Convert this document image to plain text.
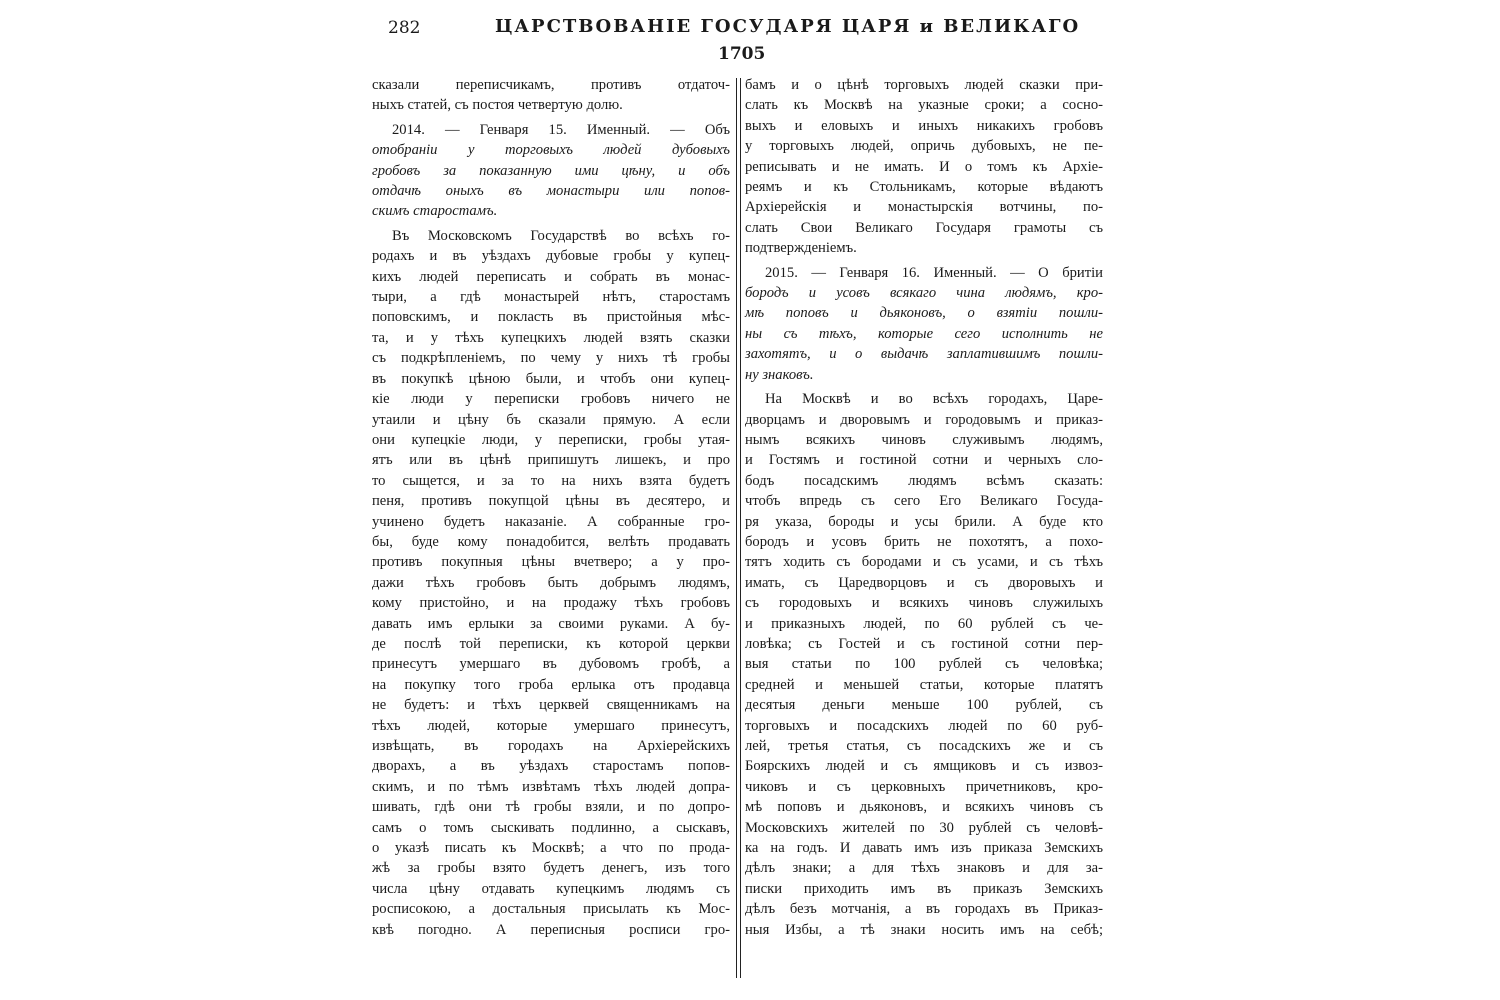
282	ЦАРСТВОВАНІЕ ГОСУДАРЯ ЦАРЯ и ВЕЛИКАГО
1705
сказали переписчикамъ, противъ отдаточ-
ныхъ статей, съ постоя четвертую долю.
2014. — Генваря 15. Именный. — Объ
отобраніи у торговыхъ людей дубовыхъ
гробовъ за показанную ими цѣну, и объ
отдачѣ оныхъ въ монастыри или попов-
скимъ старостамъ.
Въ Московскомъ Государствѣ во всѣхъ го-
родахъ и въ уѣздахъ дубовые гробы у купец-
кихъ людей переписать и собрать въ монас-
тыри, а гдѣ монастырей нѣтъ, старостамъ
поповскимъ, и покласть въ пристойныя мѣс-
та, и у тѣхъ купецкихъ людей взять сказки
съ подкрѣпленіемъ, по чему у нихъ тѣ гробы
въ покупкѣ цѣною были, и чтобъ они купец-
кіе люди у переписки гробовъ ничего не
утаили и цѣну бъ сказали прямую. А если
они купецкіе люди, у переписки, гробы утая-
ятъ или въ цѣнѣ припишутъ лишекъ, и про
то сыщется, и за то на нихъ взята будетъ
пеня, противъ покупцой цѣны въ десятеро, и
учинено будетъ наказаніе. А собранные гро-
бы, буде кому понадобится, велѣть продавать
противъ покупныя цѣны вчетверо; а у про-
дажи тѣхъ гробовъ быть добрымъ людямъ,
кому пристойно, и на продажу тѣхъ гробовъ
давать имъ ерлыки за своими руками. А бу-
де послѣ той переписки, къ которой церкви
принесутъ умершаго въ дубовомъ гробѣ, а
на покупку того гроба ерлыка отъ продавца
не будетъ: и тѣхъ церквей священникамъ на
тѣхъ людей, которые умершаго принесутъ,
извѣщать, въ городахъ на Архіерейскихъ
дворахъ, а въ уѣздахъ старостамъ попов-
скимъ, и по тѣмъ извѣтамъ тѣхъ людей допра-
шивать, гдѣ они тѣ гробы взяли, и по допро-
самъ о томъ сыскивать подлинно, а сыскавъ,
о указѣ писать къ Москвѣ; а что по прода-
жѣ за гробы взято будетъ денегъ, изъ того
числа цѣну отдавать купецкимъ людямъ съ
росписокою, а достальныя присылать къ Мос-
квѣ погодно. А переписныя росписи гро-
бамъ и о цѣнѣ торговыхъ людей сказки при-
слать къ Москвѣ на указные сроки; а сосно-
выхъ и еловыхъ и иныхъ никакихъ гробовъ
у торговыхъ людей, опричь дубовыхъ, не пе-
реписывать и не имать. И о томъ къ Архіе-
реямъ и къ Стольникамъ, которые вѣдаютъ
Архіерейскія и монастырскія вотчины, по-
слать Свои Великаго Государя грамоты съ
подтвержденіемъ.
2015. — Генваря 16. Именный. — О бритіи
бородъ и усовъ всякаго чина людямъ, кро-
мѣ поповъ и дьяконовъ, о взятіи пошли-
ны съ тѣхъ, которые сего исполнить не
захотятъ, и о выдачѣ заплатившимъ пошли-
ну знаковъ.
На Москвѣ и во всѣхъ городахъ, Царе-
дворцамъ и дворовымъ и городовымъ и приказ-
нымъ всякихъ чиновъ служивымъ людямъ,
и Гостямъ и гостиной сотни и черныхъ сло-
бодъ посадскимъ людямъ всѣмъ сказать:
чтобъ впредь съ сего Его Великаго Госуда-
ря указа, бороды и усы брили. А буде кто
бородъ и усовъ брить не похотятъ, а похо-
тятъ ходить съ бородами и съ усами, и съ тѣхъ
имать, съ Царедворцовъ и съ дворовыхъ и
съ городовыхъ и всякихъ чиновъ служилыхъ
и приказныхъ людей, по 60 рублей съ че-
ловѣка; съ Гостей и съ гостиной сотни пер-
выя статьи по 100 рублей съ человѣка;
средней и меньшей статьи, которые платятъ
десятыя деньги меньше 100 рублей, съ
торговыхъ и посадскихъ людей по 60 руб-
лей, третья статья, съ посадскихъ же и съ
Боярскихъ людей и съ ямщиковъ и съ извоз-
чиковъ и съ церковныхъ причетниковъ, кро-
мѣ поповъ и дьяконовъ, и всякихъ чиновъ съ
Московскихъ жителей по 30 рублей съ человѣ-
ка на годъ. И давать имъ изъ приказа Земскихъ
дѣлъ знаки; а для тѣхъ знаковъ и для за-
писки приходить имъ въ приказъ Земскихъ
дѣлъ безъ мотчанія, а въ городахъ въ Приказ-
ныя Избы, а тѣ знаки носить имъ на себѣ;
